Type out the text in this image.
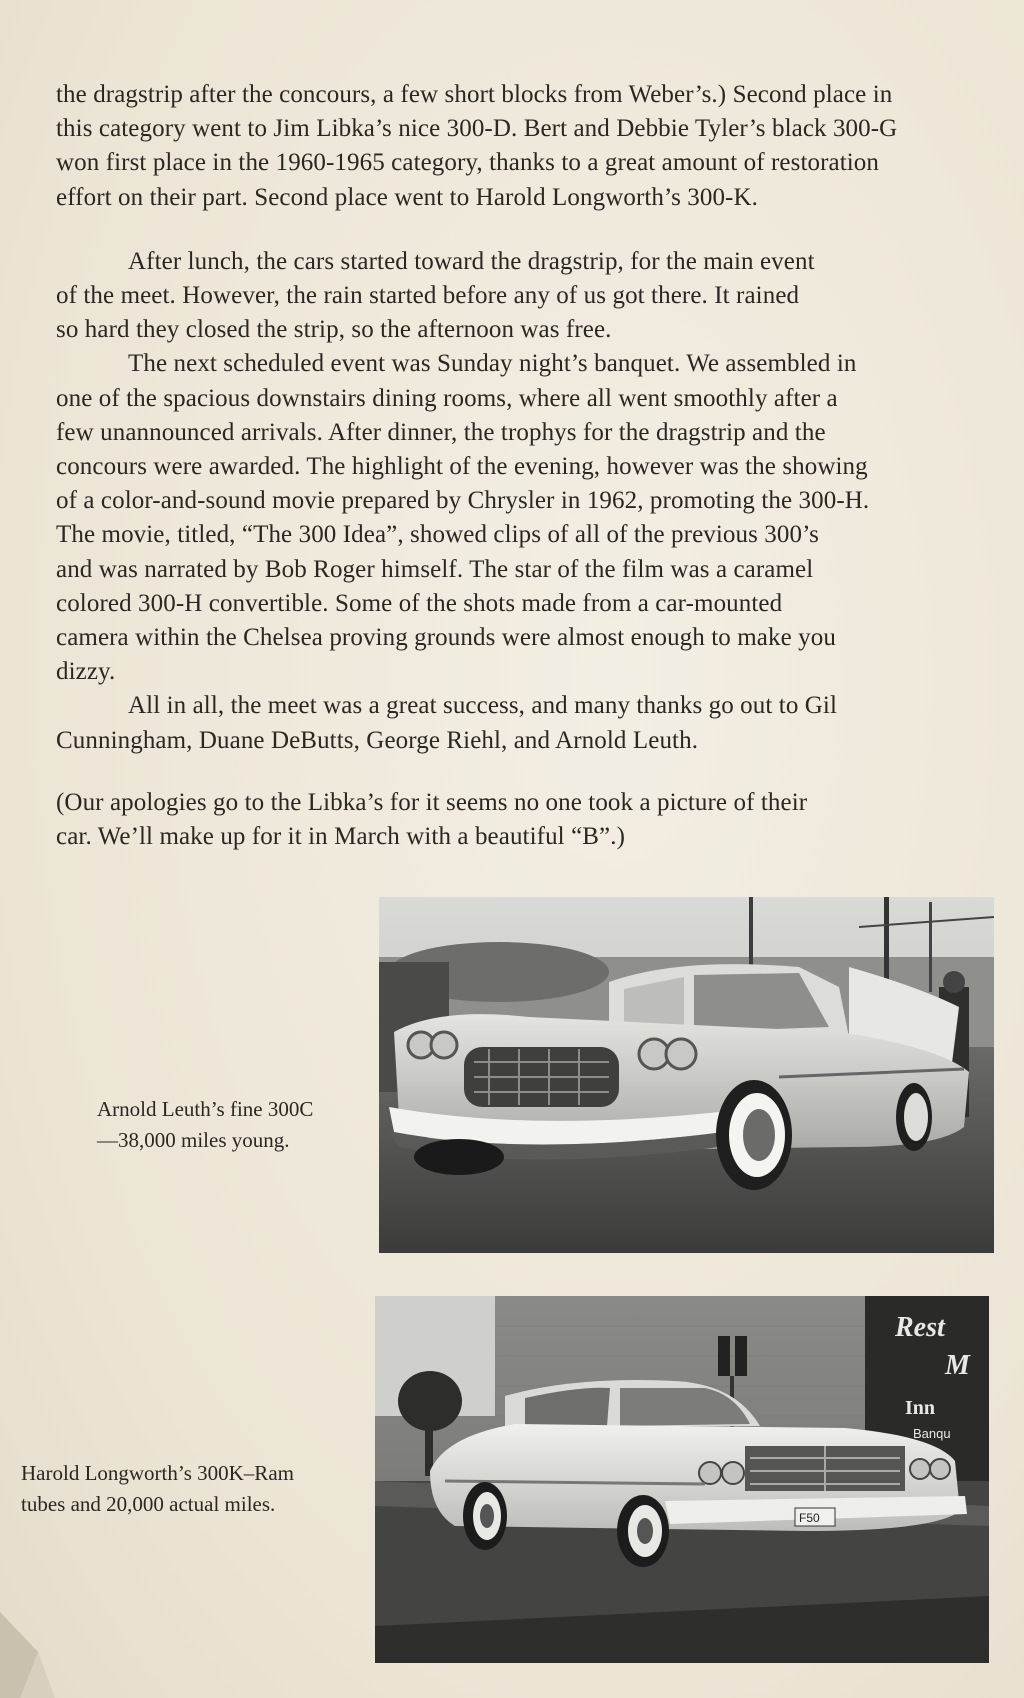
the dragstrip after the concours, a few short blocks from Weber’s.) Second place in
this category went to Jim Libka’s nice 300-D. Bert and Debbie Tyler’s black 300-G
won first place in the 1960-1965 category, thanks to a great amount of restoration
effort on their part. Second place went to Harold Longworth’s 300-K.

After lunch, the cars started toward the dragstrip, for the main event
of the meet. However, the rain started before any of us got there. It rained
so hard they closed the strip, so the afternoon was free.

The next scheduled event was Sunday night’s banquet. We assembled in
one of the spacious downstairs dining rooms, where all went smoothly after a
few unannounced arrivals. After dinner, the trophys for the dragstrip and the
concours were awarded. The highlight of the evening, however was the showing
of a color-and-sound movie prepared by Chrysler in 1962, promoting the 300-H.
The movie, titled, “The 300 Idea”, showed clips of all of the previous 300’s
and was narrated by Bob Roger himself. The star of the film was a caramel
colored 300-H convertible. Some of the shots made from a car-mounted
camera within the Chelsea proving grounds were almost enough to make you
dizzy.

All in all, the meet was a great success, and many thanks go out to Gil
Cunningham, Duane DeButts, George Riehl, and Arnold Leuth.

(Our apologies go to the Libka’s for it seems no one took a picture of their
car. We’ll make up for it in March with a beautiful “B”.)

Arnold Leuth’s fine 300C
—38,000 miles young.
Rest
M
Inn
Banqu
F50
Harold Longworth’s 300K–Ram
tubes and 20,000 actual miles.
